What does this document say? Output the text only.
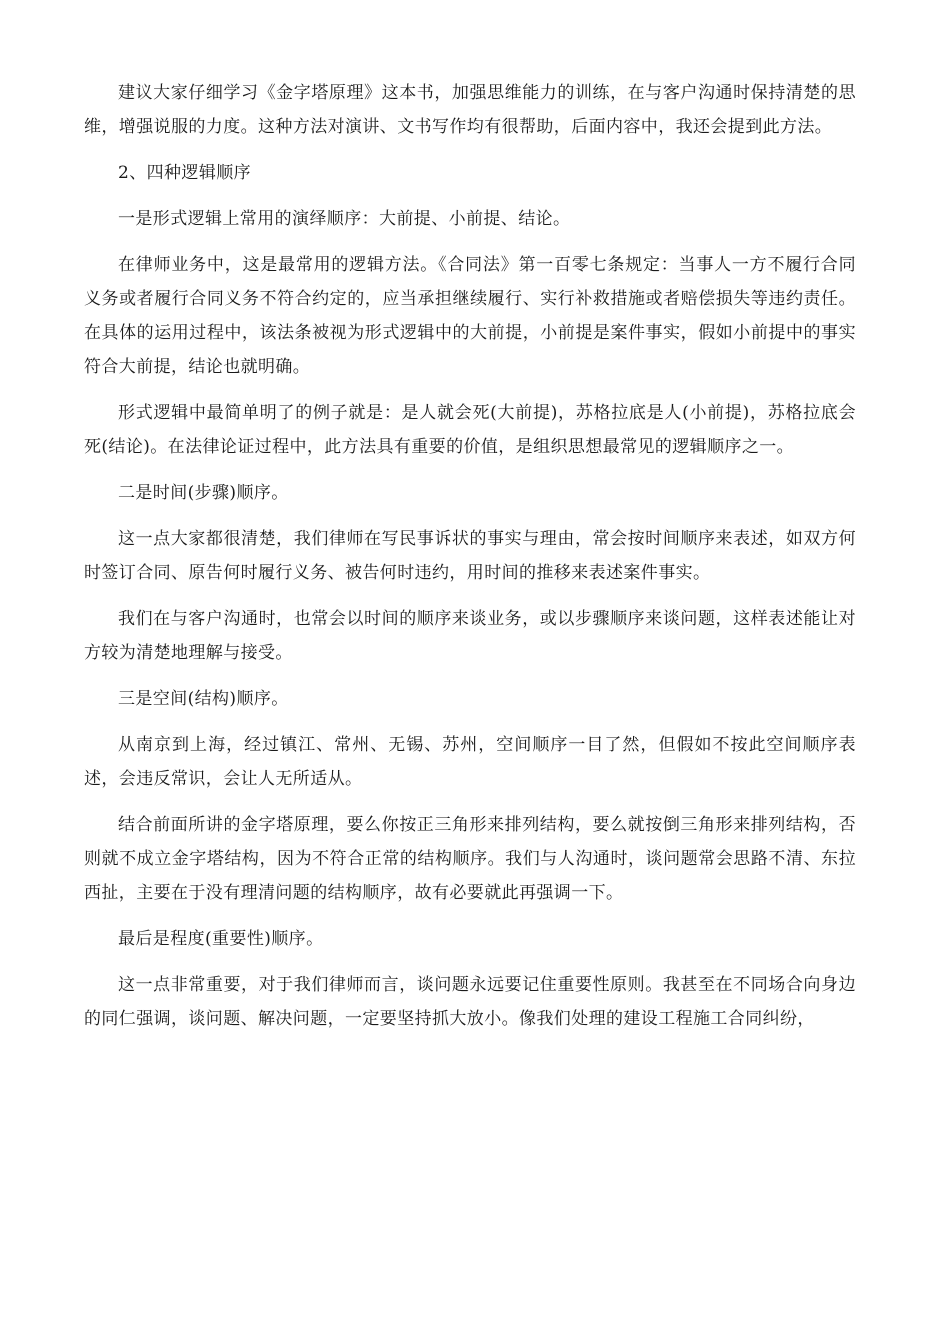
建议大家仔细学习《金字塔原理》这本书，加强思维能力的训练，在与客户沟通时保持清楚的思维，增强说服的力度。这种方法对演讲、文书写作均有很帮助，后面内容中，我还会提到此方法。

2、四种逻辑顺序

一是形式逻辑上常用的演绎顺序：大前提、小前提、结论。

在律师业务中，这是最常用的逻辑方法。《合同法》第一百零七条规定：当事人一方不履行合同义务或者履行合同义务不符合约定的，应当承担继续履行、实行补救措施或者赔偿损失等违约责任。在具体的运用过程中，该法条被视为形式逻辑中的大前提，小前提是案件事实，假如小前提中的事实符合大前提，结论也就明确。

形式逻辑中最简单明了的例子就是：是人就会死(大前提)，苏格拉底是人(小前提)，苏格拉底会死(结论)。在法律论证过程中，此方法具有重要的价值，是组织思想最常见的逻辑顺序之一。

二是时间(步骤)顺序。

这一点大家都很清楚，我们律师在写民事诉状的事实与理由，常会按时间顺序来表述，如双方何时签订合同、原告何时履行义务、被告何时违约，用时间的推移来表述案件事实。

我们在与客户沟通时，也常会以时间的顺序来谈业务，或以步骤顺序来谈问题，这样表述能让对方较为清楚地理解与接受。

三是空间(结构)顺序。

从南京到上海，经过镇江、常州、无锡、苏州，空间顺序一目了然，但假如不按此空间顺序表述，会违反常识，会让人无所适从。

结合前面所讲的金字塔原理，要么你按正三角形来排列结构，要么就按倒三角形来排列结构，否则就不成立金字塔结构，因为不符合正常的结构顺序。我们与人沟通时，谈问题常会思路不清、东拉西扯，主要在于没有理清问题的结构顺序，故有必要就此再强调一下。

最后是程度(重要性)顺序。

这一点非常重要，对于我们律师而言，谈问题永远要记住重要性原则。我甚至在不同场合向身边的同仁强调，谈问题、解决问题，一定要坚持抓大放小。像我们处理的建设工程施工合同纠纷，
